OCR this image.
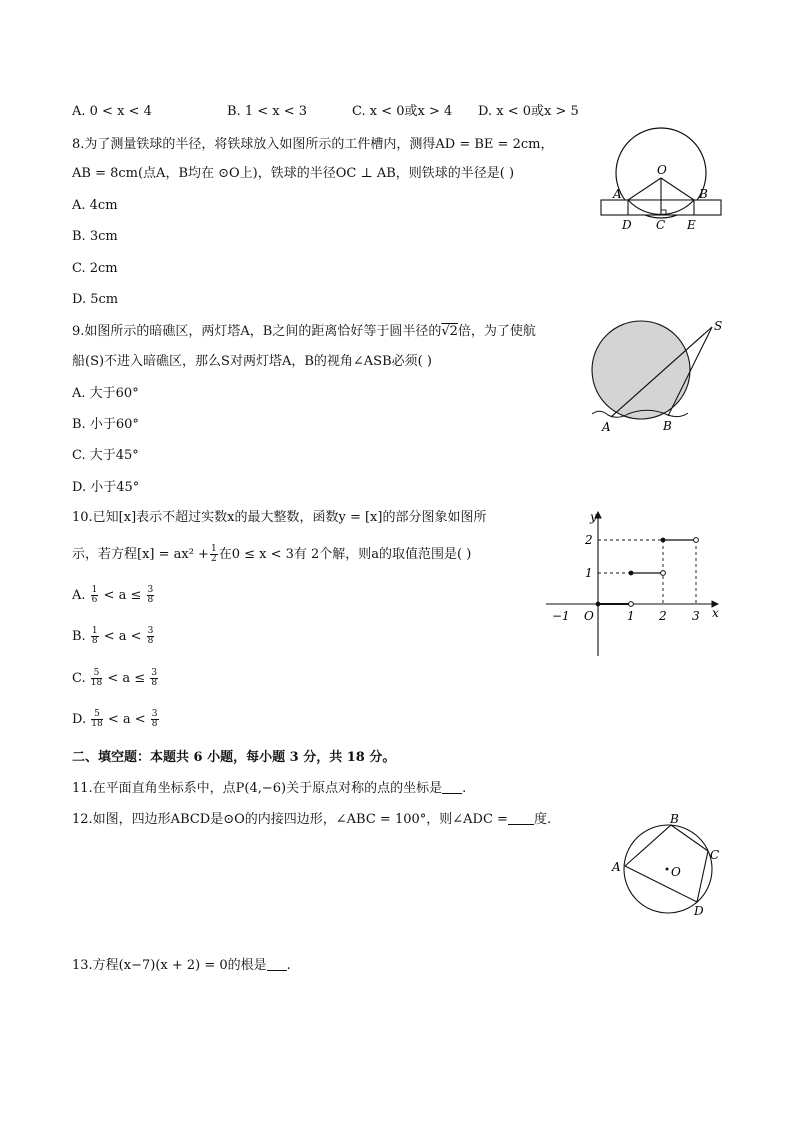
A. 0 < x < 4	B. 1 < x < 3	C. x < 0或x > 4 D. x < 0或x > 5
8.为了测量铁球的半径，将铁球放入如图所示的工件槽内，测得AD = BE = 2cm，
AB = 8cm(点A，B均在 ⊙O上)，铁球的半径OC ⊥ AB，则铁球的半径是( )
A. 4cm
B. 3cm
C. 2cm
D. 5cm
O
A	B
D C E
9.如图所示的暗礁区，两灯塔A，B之间的距离恰好等于圆半径的√2倍，为了使航
船(S)不进入暗礁区，那么S对两灯塔A，B的视角∠ASB必须( )
A. 大于60°
B. 小于60°
C. 大于45°
D. 小于45°
S
A	B
10.已知[x]表示不超过实数x的最大整数，函数y = [x]的部分图象如图所
示，若方程$[x] = ax^2 + \frac{1}{2}$ 在0 ≤ x < 3有 2个解，则a的取值范围是( )
A. $\frac{1}{6} < a \le \frac{3}{8}$
B. $\frac{1}{8} < a < \frac{3}{8}$
C. $\frac{5}{18} < a \le \frac{3}{8}$
D. $\frac{5}{18} < a < \frac{3}{8}$
y
x
O
1
2
−1	1 2 3
二、填空题：本题共 6 小题，每小题 3 分，共 18 分。
11.在平面直角坐标系中，点P(4,−6)关于原点对称的点的坐标是 .
12.如图，四边形ABCD是⊙O的内接四边形，∠ABC = 100°，则∠ADC = 度.
O
A
B
C
D
13.方程(x−7)(x + 2) = 0的根是 .
